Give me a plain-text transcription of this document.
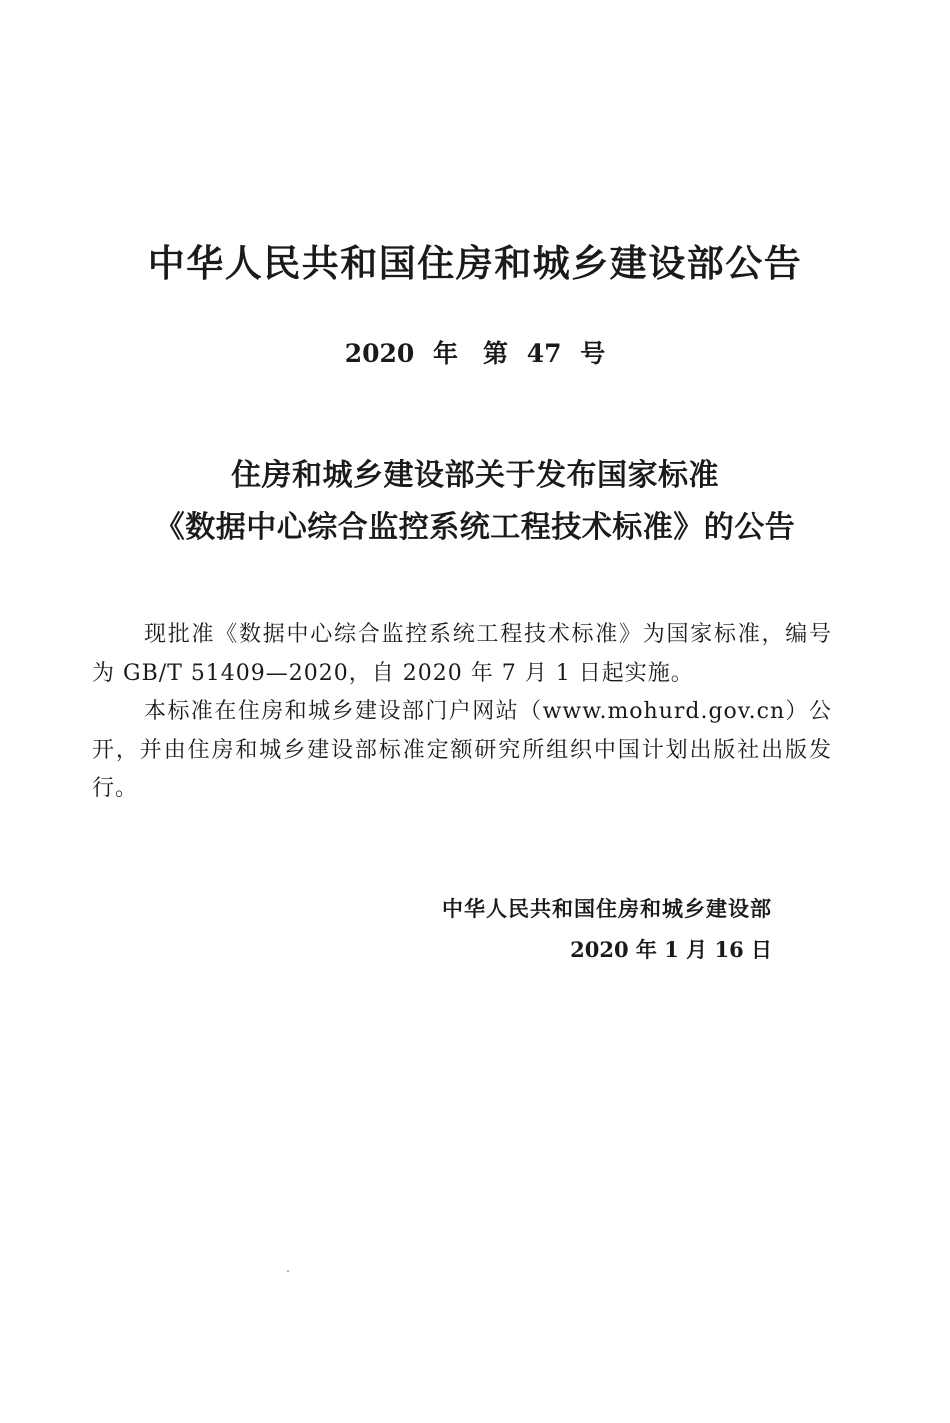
中华人民共和国住房和城乡建设部公告
2020 年　第 47 号
住房和城乡建设部关于发布国家标准
《数据中心综合监控系统工程技术标准》的公告

现批准《数据中心综合监控系统工程技术标准》为国家标准，编号为 GB/T 51409—2020，自 2020 年 7 月 1 日起实施。

本标准在住房和城乡建设部门户网站（www.mohurd.gov.cn）公开，并由住房和城乡建设部标准定额研究所组织中国计划出版社出版发行。

中华人民共和国住房和城乡建设部
2020 年 1 月 16 日
